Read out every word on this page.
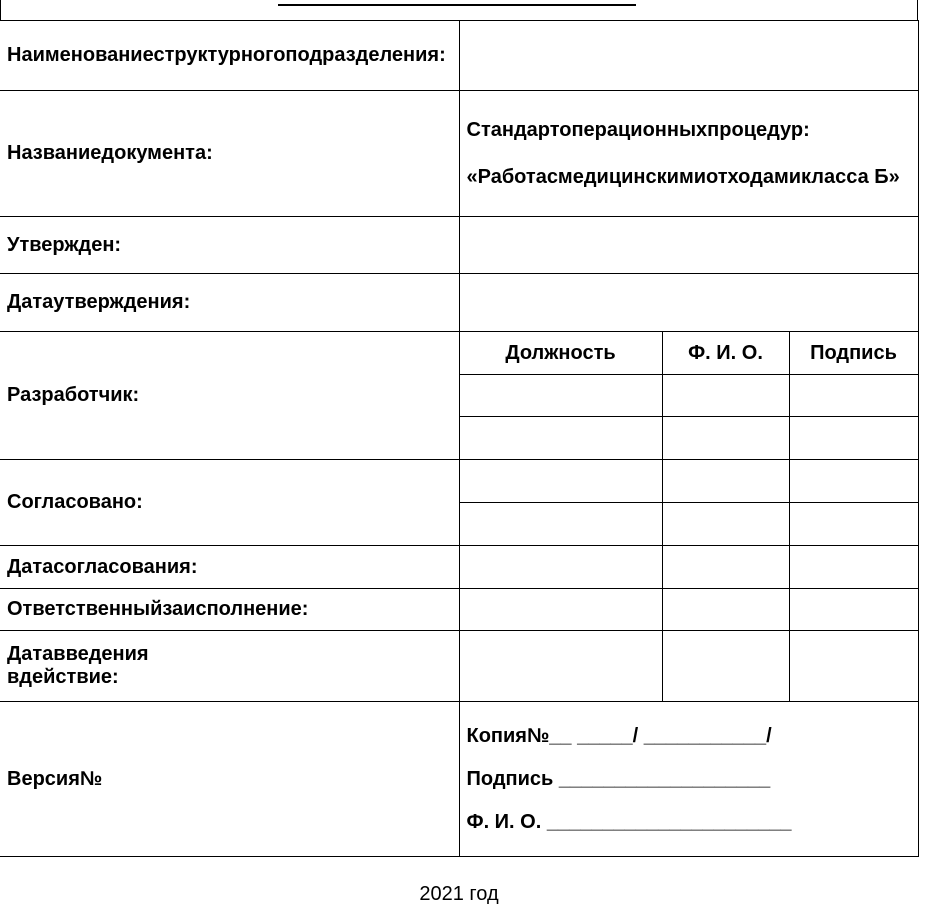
Наименованиеструктурногоподразделения:			
Названиедокумента:	Стандартоперационныхпроцедур:
«Работасмедицинскимиотходамикласса Б»		

Утвержден:			
Датаутверждения:			
Разработчик:	Должность	Ф. И. О.	Подпись

Согласовано:			

Датасогласования:			
Ответственныйзаисполнение:			

Датавведения вдействие:			

Версия№	Копия№__ _____/ ___________/
Подпись ___________________
Ф. И. О. ______________________		
2021 год
